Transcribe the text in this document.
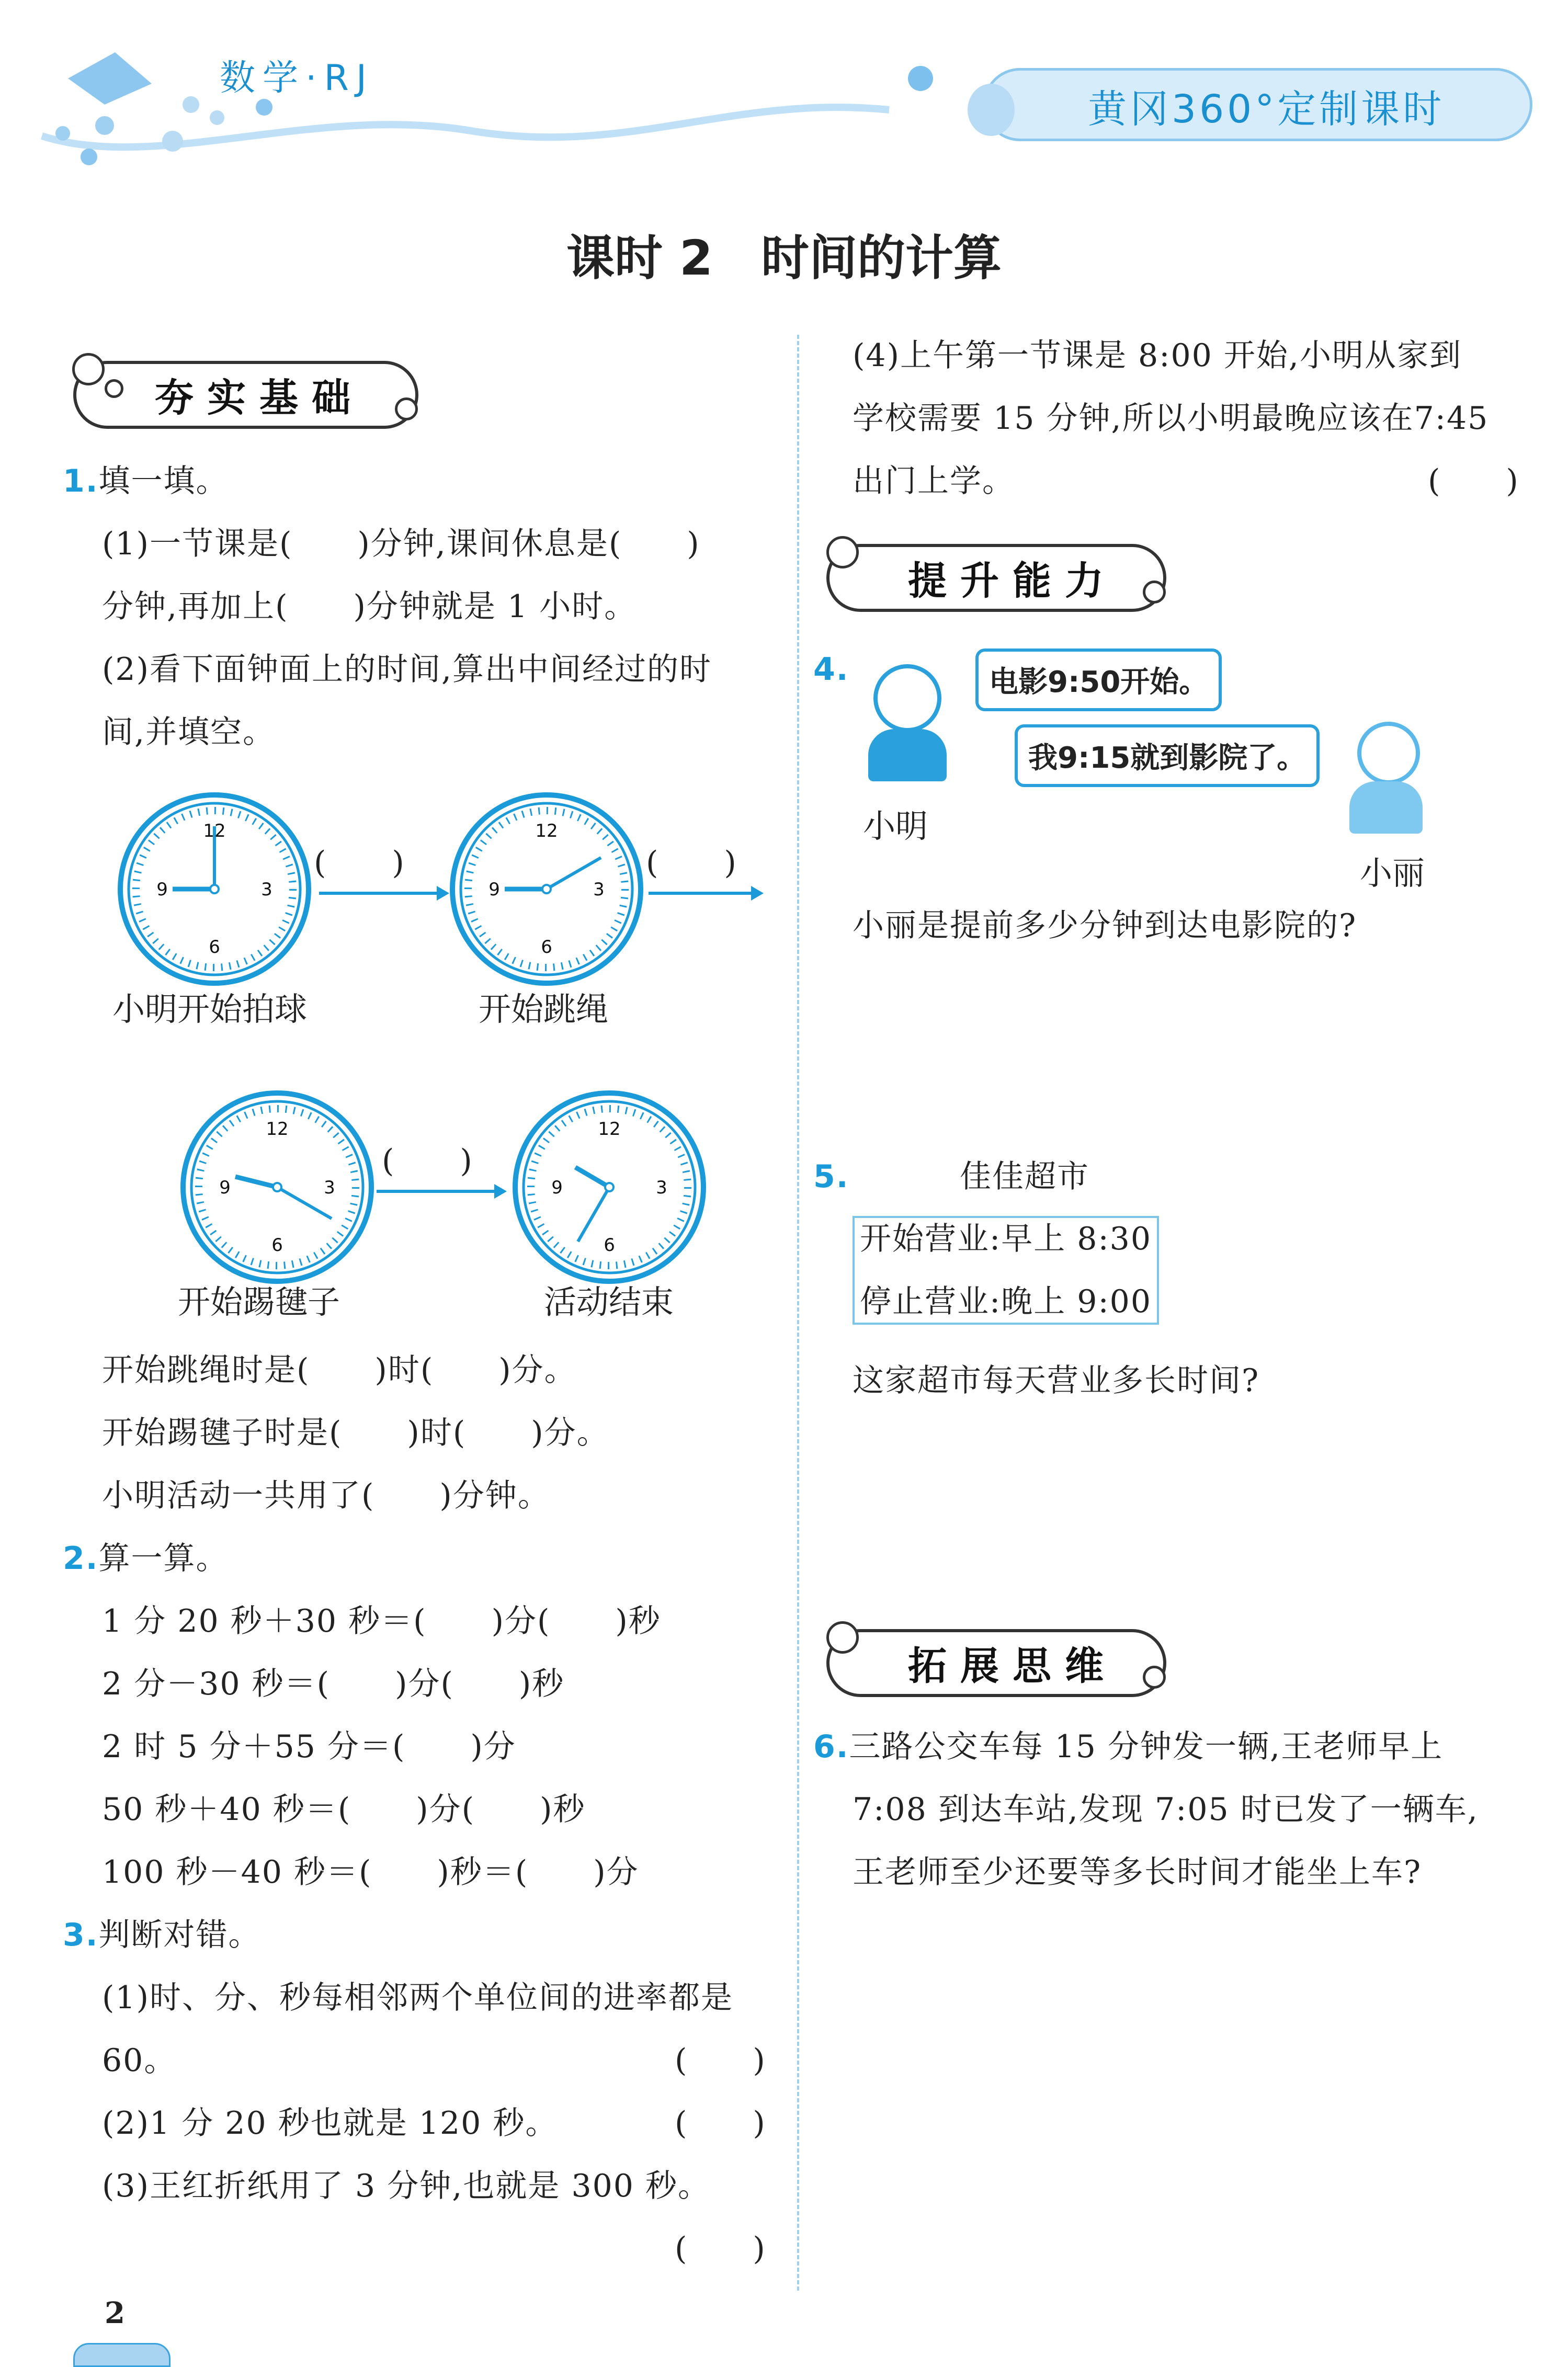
数学·RJ
黄冈360°定制课时
课时 2　时间的计算
夯实基础
1.填一填。
(1)一节课是(　　)分钟,课间休息是(　　)
分钟,再加上(　　)分钟就是 1 小时。
(2)看下面钟面上的时间,算出中间经过的时
间,并填空。
12
3
6
9
小明开始拍球
(　　)
12
3
6
9
开始跳绳
(　　)
12
3
6
9
开始踢毽子
(　　)
12
3
6
9
活动结束
开始跳绳时是(　　)时(　　)分。
开始踢毽子时是(　　)时(　　)分。
小明活动一共用了(　　)分钟。
2.算一算。
1 分 20 秒＋30 秒＝(　　)分(　　)秒
2 分－30 秒＝(　　)分(　　)秒
2 时 5 分＋55 分＝(　　)分
50 秒＋40 秒＝(　　)分(　　)秒
100 秒－40 秒＝(　　)秒＝(　　)分
3.判断对错。
(1)时、分、秒每相邻两个单位间的进率都是
60。	(　　)
(2)1 分 20 秒也就是 120 秒。	(　　)
(3)王红折纸用了 3 分钟,也就是 300 秒。
(　　)
2
(4)上午第一节课是 8:00 开始,小明从家到
学校需要 15 分钟,所以小明最晚应该在7:45
出门上学。	(　　)
提升能力
4.	电影9:50开始。
我9:15就到影院了。
小明
小丽
小丽是提前多少分钟到达电影院的?
5.	佳佳超市
开始营业:早上 8:30
停止营业:晚上 9:00
这家超市每天营业多长时间?
拓展思维
6.三路公交车每 15 分钟发一辆,王老师早上
7:08 到达车站,发现 7:05 时已发了一辆车,
王老师至少还要等多长时间才能坐上车?
